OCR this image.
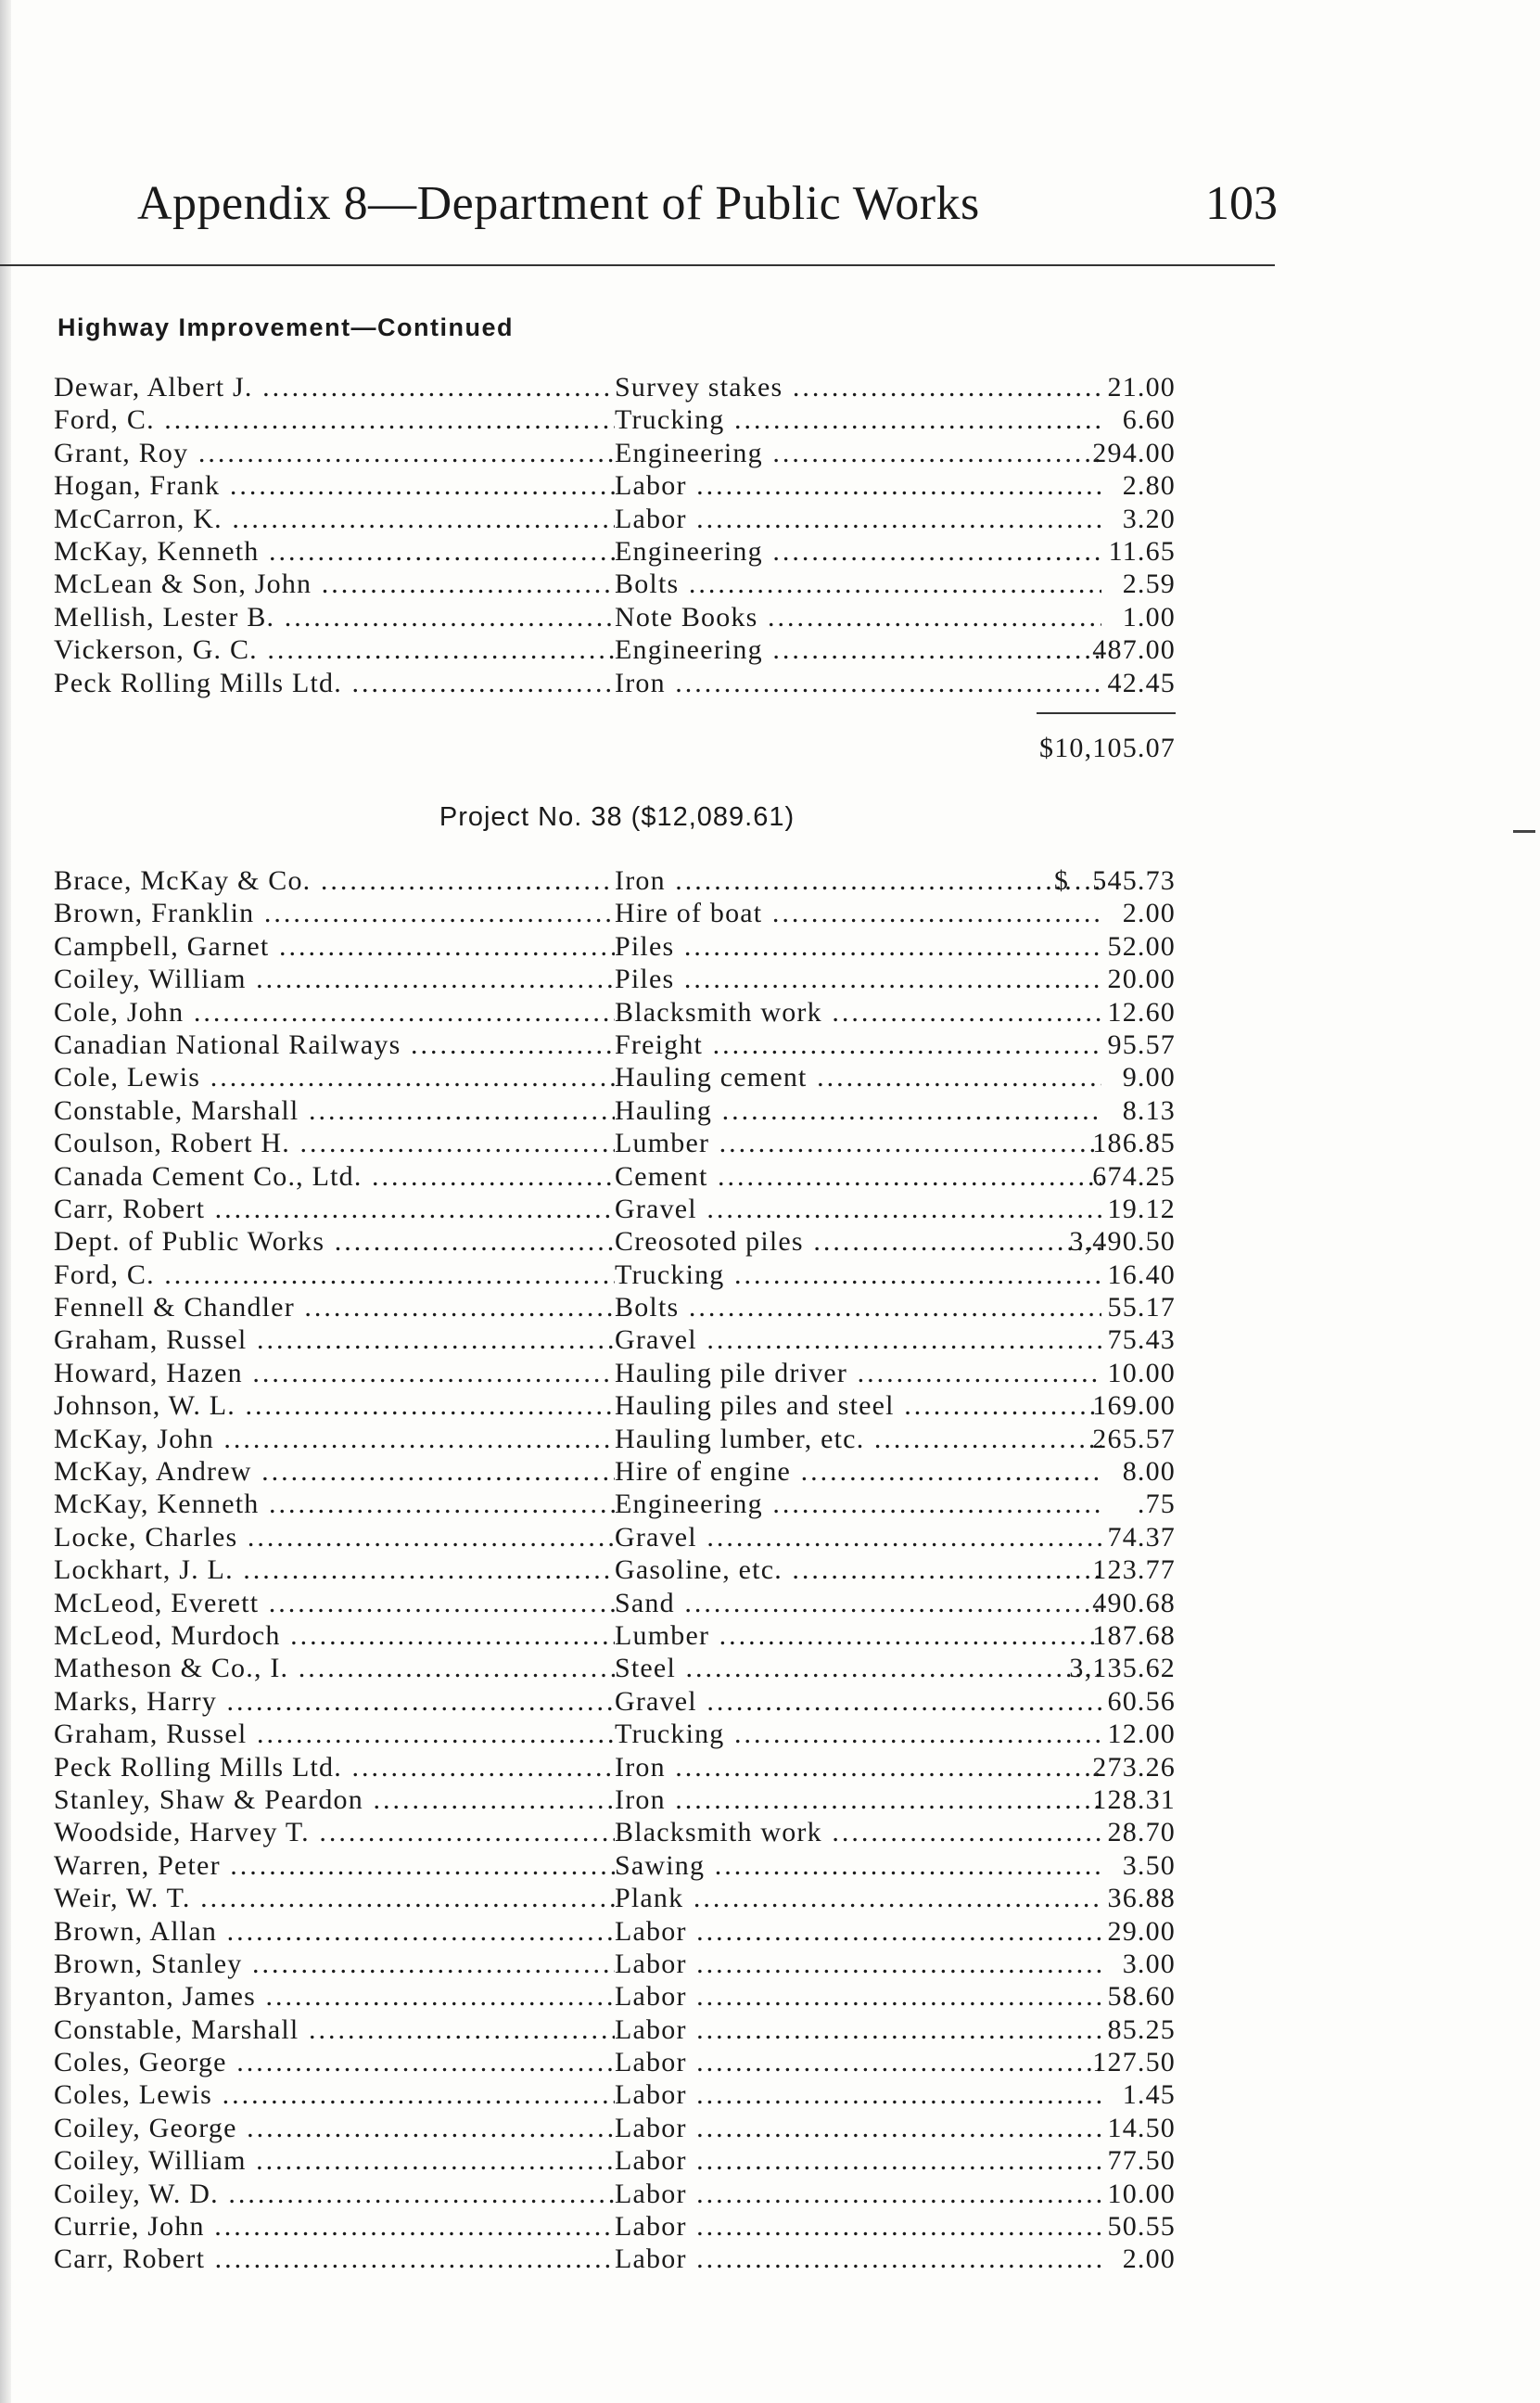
Appendix 8—Department of Public Works	103
Highway Improvement—Continued
Dewar, Albert J. .....	Survey stakes .....	21.00
Ford, C. .....	Trucking .....	6.60
Grant, Roy .....	Engineering .....	294.00
Hogan, Frank .....	Labor .....	2.80
McCarron, K. .....	Labor .....	3.20
McKay, Kenneth .....	Engineering .....	11.65
McLean & Son, John .....	Bolts .....	2.59
Mellish, Lester B. .....	Note Books .....	1.00
Vickerson, G. C. .....	Engineering .....	487.00
Peck Rolling Mills Ltd. .....	Iron .....	42.45
$10,105.07
Project No. 38 ($12,089.61)
Brace, McKay & Co. .....	Iron .....	$ 545.73
Brown, Franklin .....	Hire of boat .....	2.00
Campbell, Garnet .....	Piles .....	52.00
Coiley, William .....	Piles .....	20.00
Cole, John .....	Blacksmith work .....	12.60
Canadian National Railways .....	Freight .....	95.57
Cole, Lewis .....	Hauling cement .....	9.00
Constable, Marshall .....	Hauling .....	8.13
Coulson, Robert H. .....	Lumber .....	186.85
Canada Cement Co., Ltd. .....	Cement .....	674.25
Carr, Robert .....	Gravel .....	19.12
Dept. of Public Works .....	Creosoted piles .....	3,490.50
Ford, C. .....	Trucking .....	16.40
Fennell & Chandler .....	Bolts .....	55.17
Graham, Russel .....	Gravel .....	75.43
Howard, Hazen .....	Hauling pile driver .....	10.00
Johnson, W. L. .....	Hauling piles and steel .....	169.00
McKay, John .....	Hauling lumber, etc. .....	265.57
McKay, Andrew .....	Hire of engine .....	8.00
McKay, Kenneth .....	Engineering .....	.75
Locke, Charles .....	Gravel .....	74.37
Lockhart, J. L. .....	Gasoline, etc. .....	123.77
McLeod, Everett .....	Sand .....	490.68
McLeod, Murdoch .....	Lumber .....	187.68
Matheson & Co., I. .....	Steel .....	3,135.62
Marks, Harry .....	Gravel .....	60.56
Graham, Russel .....	Trucking .....	12.00
Peck Rolling Mills Ltd. .....	Iron .....	273.26
Stanley, Shaw & Peardon .....	Iron .....	128.31
Woodside, Harvey T. .....	Blacksmith work .....	28.70
Warren, Peter .....	Sawing .....	3.50
Weir, W. T. .....	Plank .....	36.88
Brown, Allan .....	Labor .....	29.00
Brown, Stanley .....	Labor .....	3.00
Bryanton, James .....	Labor .....	58.60
Constable, Marshall .....	Labor .....	85.25
Coles, George .....	Labor .....	127.50
Coles, Lewis .....	Labor .....	1.45
Coiley, George .....	Labor .....	14.50
Coiley, William .....	Labor .....	77.50
Coiley, W. D. .....	Labor .....	10.00
Currie, John .....	Labor .....	50.55
Carr, Robert .....	Labor .....	2.00
